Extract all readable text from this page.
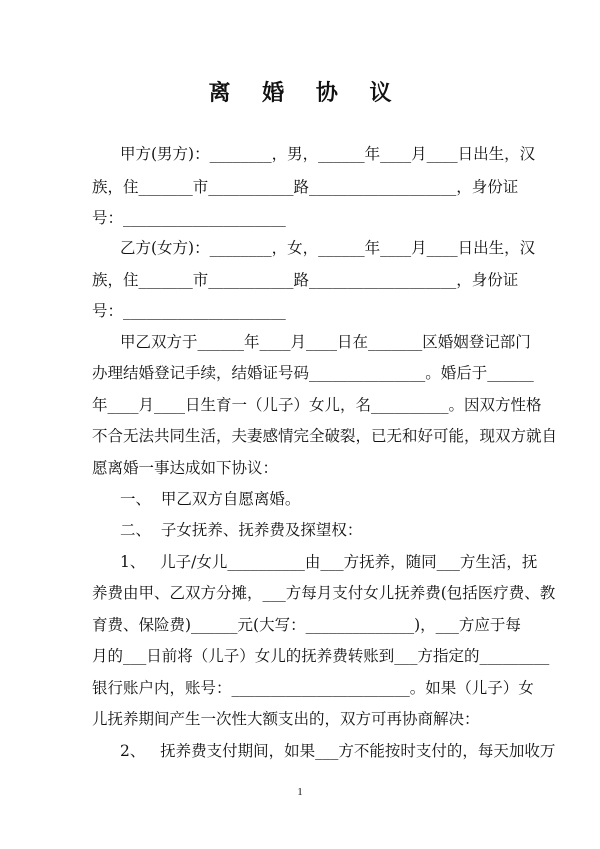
离 婚 协 议
甲方(男方)：________，男，______年____月____日出生，汉
族，住_______市___________路___________________，身份证
号：_____________________
乙方(女方)：________，女，______年____月____日出生，汉
族，住_______市___________路___________________，身份证
号：_____________________
甲乙双方于______年____月____日在_______区婚姻登记部门
办理结婚登记手续，结婚证号码_______________。婚后于______
年____月____日生育一（儿子）女儿，名__________。因双方性格
不合无法共同生活，夫妻感情完全破裂，已无和好可能，现双方就自
愿离婚一事达成如下协议：
一、  甲乙双方自愿离婚。
二、  子女抚养、抚养费及探望权：
1、   儿子/女儿__________由___方抚养，随同___方生活，抚
养费由甲、乙双方分摊，___方每月支付女儿抚养费(包括医疗费、教
育费、保险费)______元(大写：______________)，___方应于每
月的___日前将（儿子）女儿的抚养费转账到___方指定的_________
银行账户内，账号：_______________________。如果（儿子）女
儿抚养期间产生一次性大额支出的，双方可再协商解决：
2、   抚养费支付期间，如果___方不能按时支付的，每天加收万
1
